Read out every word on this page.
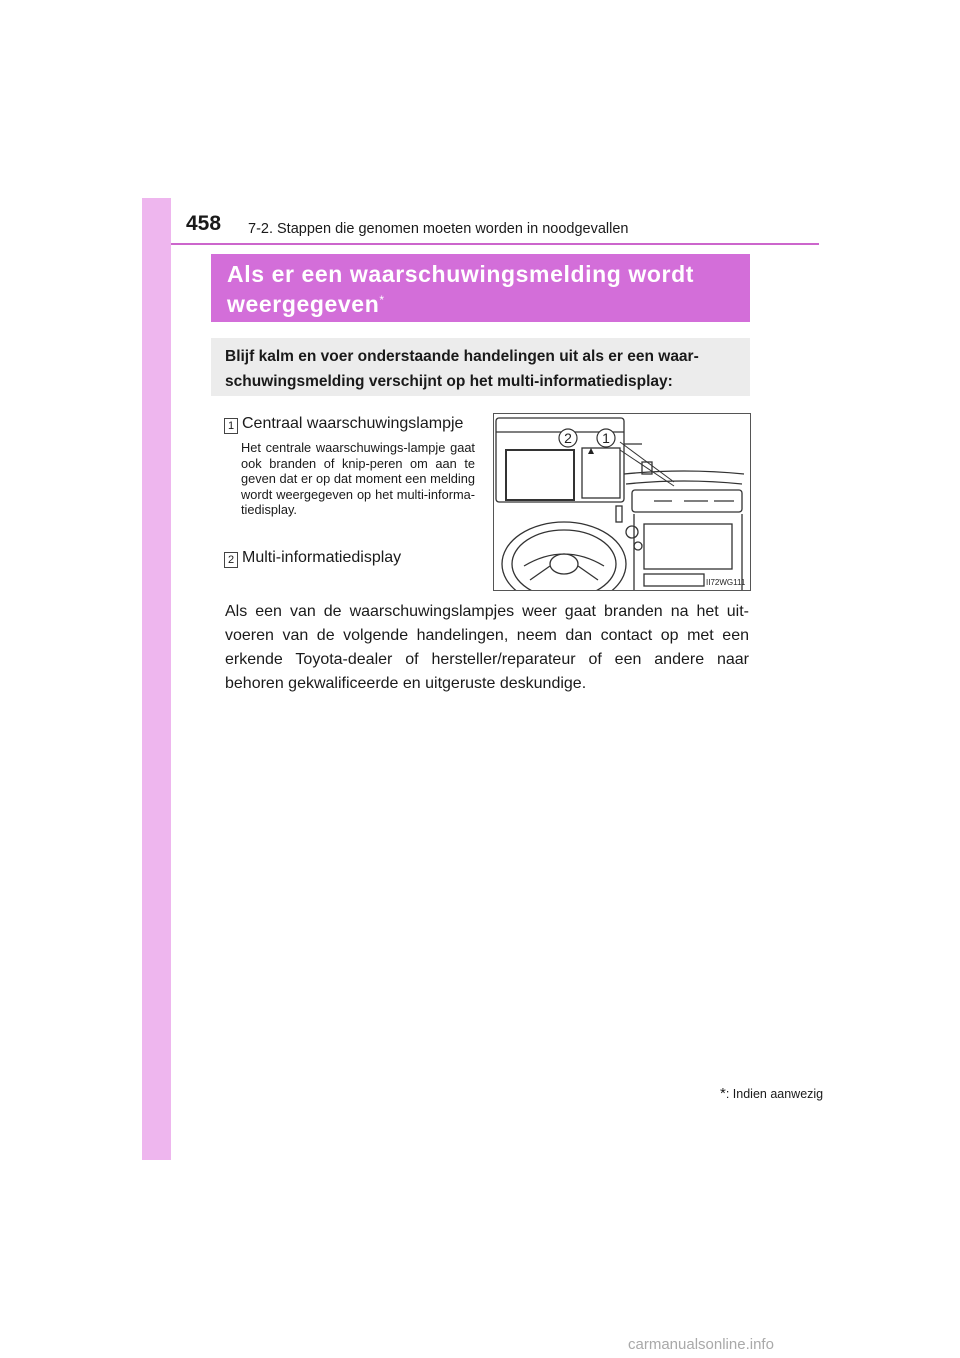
458 7-2. Stappen die genomen moeten worden in noodgevallen
Als er een waarschuwingsmelding wordt weergegeven*
Blijf kalm en voer onderstaande handelingen uit als er een waar-schuwingsmelding verschijnt op het multi-informatiedisplay:
1 Centraal waarschuwingslampje
Het centrale waarschuwings-lampje gaat ook branden of knip-peren om aan te geven dat er op dat moment een melding wordt weergegeven op het multi-informa-tiedisplay.
2 Multi-informatiedisplay
2 1
II72WG111
Als een van de waarschuwingslampjes weer gaat branden na het uit-voeren van de volgende handelingen, neem dan contact op met een erkende Toyota-dealer of hersteller/reparateur of een andere naar behoren gekwalificeerde en uitgeruste deskundige.
*: Indien aanwezig
carmanualsonline.info
